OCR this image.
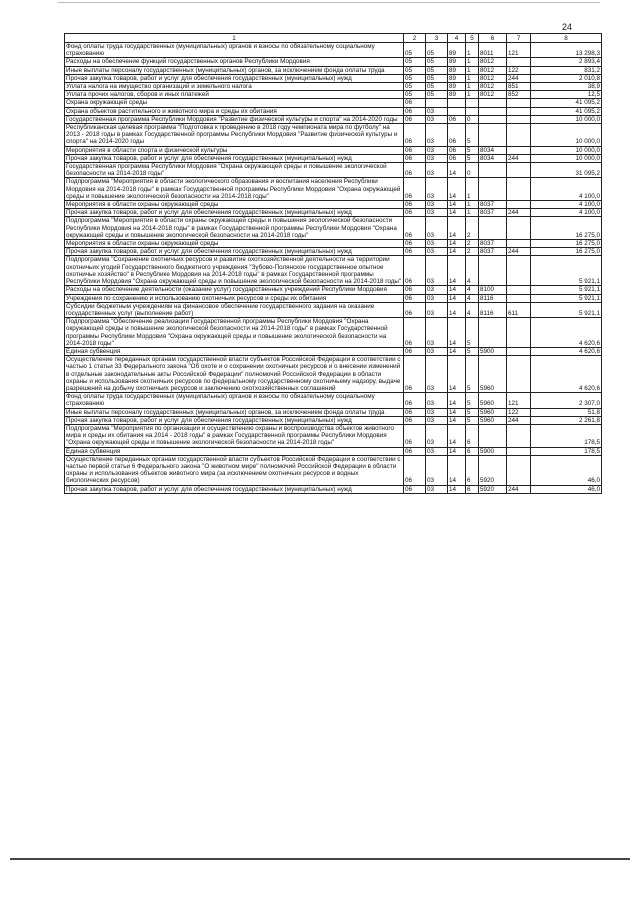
24
1	2	3	4	5	6	7	8
Фонд оплаты труда государственных (муниципальных) органов и взносы по обязательному социальному страхованию	05	05	89	1	8011	121	13 298,3
Расходы на обеспечение функций государственных органов Республики Мордовия	05	05	89	1	8012		2 893,4
Иные выплаты персоналу государственных (муниципальных) органов, за исключением фонда оплаты труда	05	05	89	1	8012	122	831,2
Прочая закупка товаров, работ и услуг для обеспечения государственных (муниципальных) нужд	05	05	89	1	8012	244	2 010,8
Уплата налога на имущество организаций и земельного налога	05	05	89	1	8012	851	38,9
Уплата прочих налогов, сборов и иных платежей	05	05	89	1	8012	852	12,5
Охрана окружающей среды	06						41 095,2
Охрана объектов растительного и животного мира и среды их обитания	06	03					41 095,2
Государственная программа Республики Мордовия "Развитие физической культуры и спорта" на 2014-2020 годы	06	03	06	0			10 000,0
Республиканская целевая программа "Подготовка к проведению в 2018 году чемпионата мира по футболу" на 2013 - 2018 годы в рамках Государственной программы Республики Мордовия "Развитие физической культуры и спорта" на 2014-2020 годы	06	03	06	5			10 000,0
Мероприятия в области спорта и физической культуры	06	03	06	5	8034		10 000,0
Прочая закупка товаров, работ и услуг для обеспечения государственных (муниципальных) нужд	06	03	06	5	8034	244	10 000,0
Государственная программа Республики Мордовия "Охрана окружающей среды и повышение экологической безопасности на 2014-2018 годы"	06	03	14	0			31 095,2
Подпрограмма "Мероприятия в области экологического образования и воспитания населения Республики Мордовия на 2014-2018 годы" в рамках Государственной программы Республики Мордовия "Охрана окружающей среды и повышение экологической безопасности на 2014-2018 годы"	06	03	14	1			4 100,0
Мероприятия в области охраны окружающей среды	06	03	14	1	8037		4 100,0
Прочая закупка товаров, работ и услуг для обеспечения государственных (муниципальных) нужд	06	03	14	1	8037	244	4 100,0
Подпрограмма "Мероприятия в области охраны окружающей среды и повышения экологической безопасности Республики Мордовия на 2014-2018 годы" в рамках Государственной программы Республики Мордовия "Охрана окружающей среды и повышение экологической безопасности на 2014-2018 годы"	06	03	14	2			16 275,0
Мероприятия в области охраны окружающей среды	06	03	14	2	8037		16 275,0
Прочая закупка товаров, работ и услуг для обеспечения государственных (муниципальных) нужд	06	03	14	2	8037	244	16 275,0
Подпрограмма "Сохранение охотничьих ресурсов и развитие охотхозяйственной деятельности на территории охотничьих угодий Государственного бюджетного учреждения "Зубово-Полянское государственное опытное охотничье хозяйство" в Республике Мордовия на 2014-2018 годы" в рамках Государственной программы Республики Мордовия "Охрана окружающей среды и повышение экологической безопасности на 2014-2018 годы"	06	03	14	4			5 921,1
Расходы на обеспечение деятельности (оказание услуг) государственных учреждений Республики Мордовия	06	03	14	4	8100		5 921,1
Учреждения по сохранению и использованию охотничьих ресурсов и среды их обитания	06	03	14	4	8116		5 921,1
Субсидии бюджетным учреждениям на финансовое обеспечение государственного задания на оказание государственных услуг (выполнение работ)	06	03	14	4	8116	611	5 921,1
Подпрограмма "Обеспечение реализации Государственной программы Республики Мордовия "Охрана окружающей среды и повышение экологической безопасности на 2014-2018 годы" в рамках Государственной программы Республики Мордовия "Охрана окружающей среды и повышение экологической безопасности на 2014-2018 годы"	06	03	14	5			4 620,6
Единая субвенция	06	03	14	5	5900		4 620,6
Осуществление переданных органам государственной власти субъектов Российской Федерации в соответствии с частью 1 статьи 33 Федерального закона "Об охоте и о сохранении охотничьих ресурсов и о внесении изменений в отдельные законодательные акты Российской Федерации" полномочий Российской Федерации в области охраны и использования охотничьих ресурсов по федеральному государственному охотничьему надзору, выдаче разрешений на добычу охотничьих ресурсов и заключению охотхозяйственных соглашений	06	03	14	5	5960		4 620,6
Фонд оплаты труда государственных (муниципальных) органов и взносы по обязательному социальному страхованию	06	03	14	5	5960	121	2 307,0
Иные выплаты персоналу государственных (муниципальных) органов, за исключением фонда оплаты труда	06	03	14	5	5960	122	51,8
Прочая закупка товаров, работ и услуг для обеспечения государственных (муниципальных) нужд	06	03	14	5	5960	244	2 261,8
Подпрограмма "Мероприятия по организации и осуществлению охраны и воспроизводства объектов животного мира и среды их обитания на 2014 - 2018 годы" в рамках Государственной программы Республики Мордовия "Охрана окружающей среды и повышение экологической безопасности на 2014-2018 годы"	06	03	14	6			178,5
Единая субвенция	06	03	14	6	5900		178,5
Осуществление переданных органам государственной власти субъектов Российской Федерации в соответствии с частью первой статьи 6 Федерального закона "О животном мире" полномочий Российской Федерации в области охраны и использования объектов животного мира (за исключением охотничьих ресурсов и водных биологических ресурсов)	06	03	14	6	5920		46,0
Прочая закупка товаров, работ и услуг для обеспечения государственных (муниципальных) нужд	06	03	14	6	5920	244	46,0
